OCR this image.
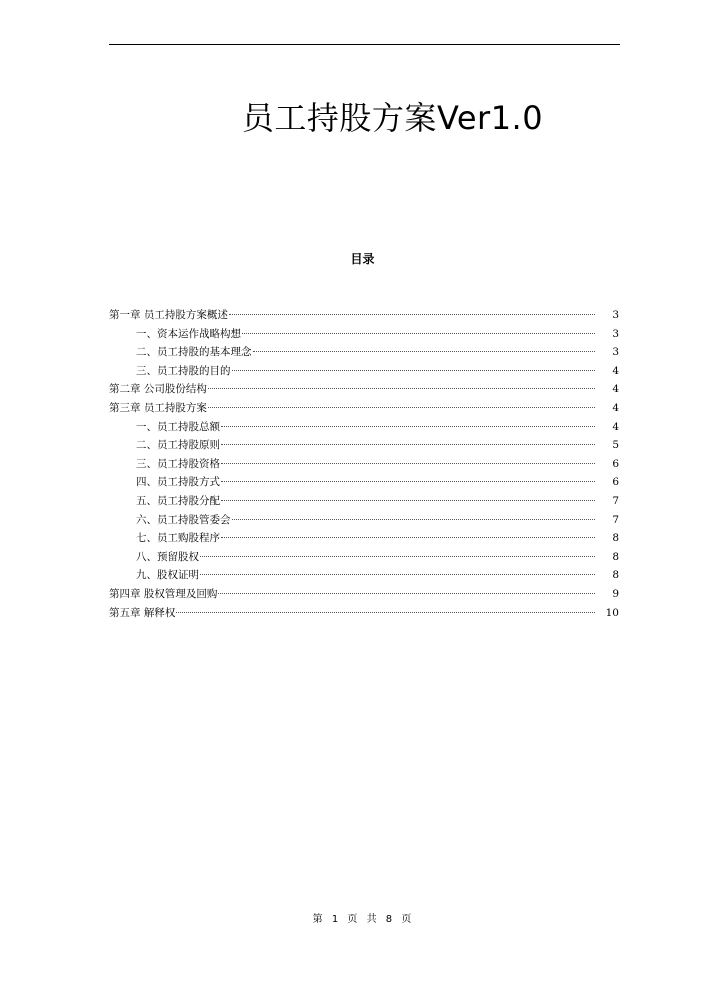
员工持股方案Ver1.0
目录
第一章 员工持股方案概述	3
一、资本运作战略构想	3
二、员工持股的基本理念	3
三、员工持股的目的	4
第二章 公司股份结构	4
第三章 员工持股方案	4
一、员工持股总额	4
二、员工持股原则	5
三、员工持股资格	6
四、员工持股方式	6
五、员工持股分配	7
六、员工持股管委会	7
七、员工购股程序	8
八、预留股权	8
九、股权证明	8
第四章 股权管理及回购	9
第五章 解释权	10
第 1 页 共 8 页
